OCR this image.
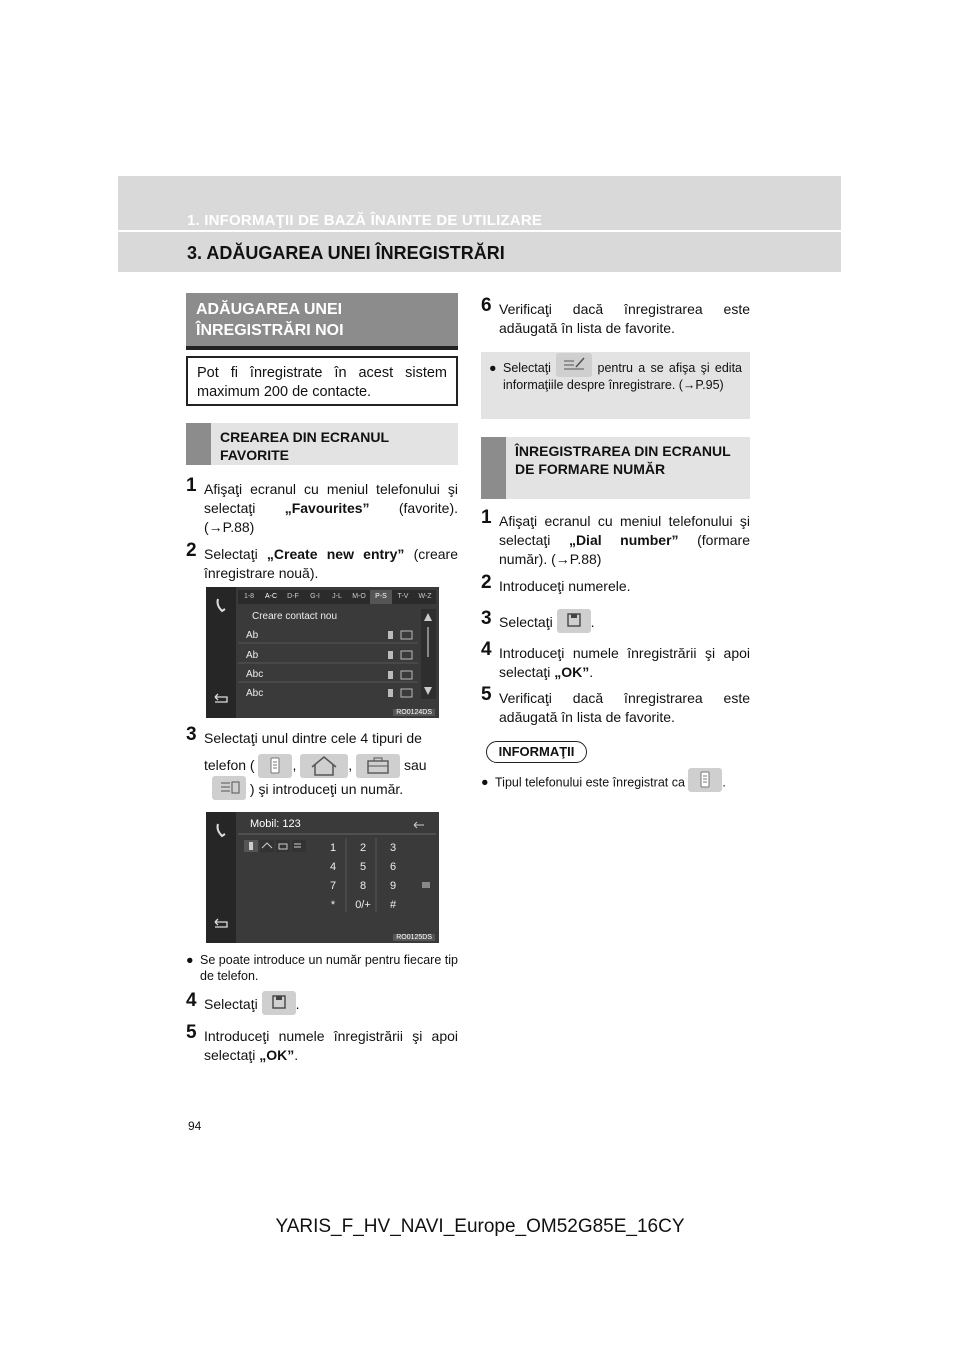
1. INFORMAŢII DE BAZĂ ÎNAINTE DE UTILIZARE
3. ADĂUGAREA UNEI ÎNREGISTRĂRI
ADĂUGAREA UNEI ÎNREGISTRĂRI NOI
Pot fi înregistrate în acest sistem maximum 200 de contacte.
CREAREA DIN ECRANUL FAVORITE
1 Afişaţi ecranul cu meniul telefonului şi selectaţi „Favourites” (favorite). (→P.88)
2 Selectaţi „Create new entry” (creare înregistrare nouă).
1-8	A-C	D-F	G-I	J-L	M-O	P-S	T-V	W-Z
Creare contact nou
Ab
Ab
Abc
Abc
RO0124DS
3 Selectaţi unul dintre cele 4 tipuri de telefon (	,	,	sau
) şi introduceţi un număr.
Mobil: 123
1	2	3
4	5	6
7	8	9
*	0/+	#
RO0125DS
● Se poate introduce un număr pentru fiecare tip de telefon.
4 Selectaţi	.
5 Introduceţi numele înregistrării şi apoi selectaţi „OK”.
6 Verificaţi dacă înregistrarea este adăugată în lista de favorite.
● Selectaţi	pentru a se afişa şi edita informaţiile despre înregistrare. (→P.95)
ÎNREGISTRAREA DIN ECRANUL DE FORMARE NUMĂR
1 Afişaţi ecranul cu meniul telefonului şi selectaţi „Dial number” (formare număr). (→P.88)
2 Introduceţi numerele.
3 Selectaţi	.
4 Introduceţi numele înregistrării şi apoi selectaţi „OK”.
5 Verificaţi dacă înregistrarea este adăugată în lista de favorite.
INFORMAŢII
● Tipul telefonului este înregistrat ca	.
94
YARIS_F_HV_NAVI_Europe_OM52G85E_16CY
